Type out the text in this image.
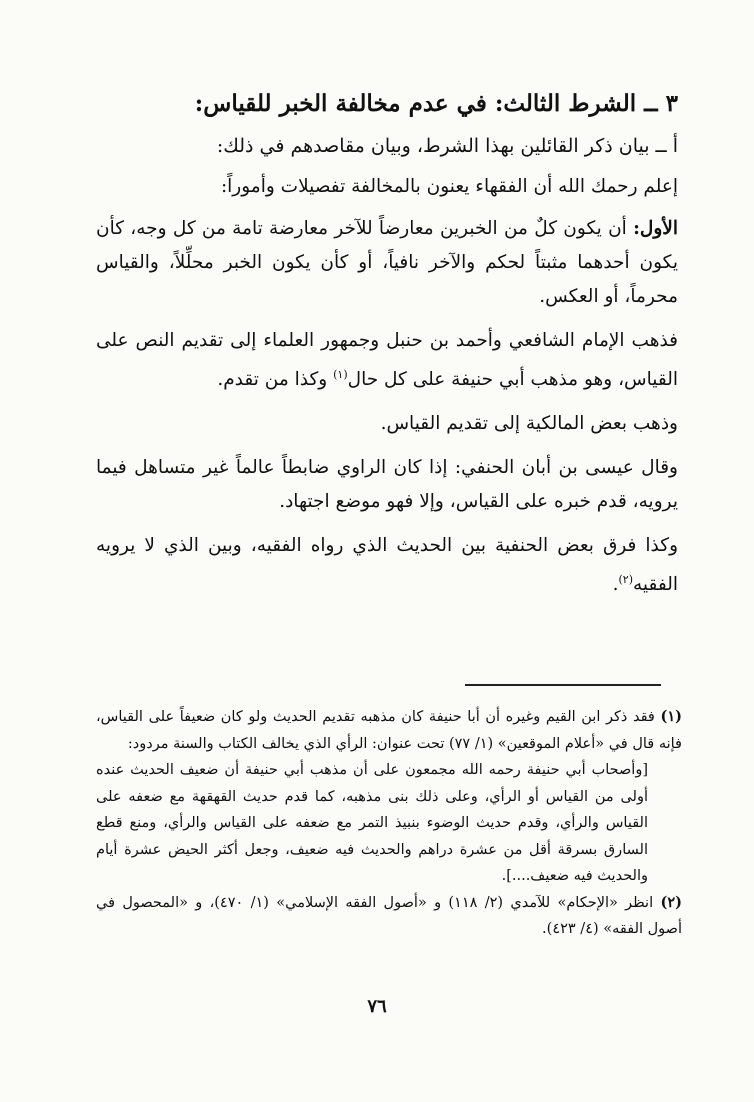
٣ ــ الشرط الثالث: في عدم مخالفة الخبر للقياس:

أ ــ بيان ذكر القائلين بهذا الشرط، وبيان مقاصدهم في ذلك:

إعلم رحمك الله أن الفقهاء يعنون بالمخالفة تفصيلات وأموراً:

الأول: أن يكون كلٌ من الخبرين معارضاً للآخر معارضة تامة من كل وجه، كأن يكون أحدهما مثبتاً لحكم والآخر نافياً، أو كأن يكون الخبر محلِّلاً، والقياس محرماً، أو العكس.

فذهب الإمام الشافعي وأحمد بن حنبل وجمهور العلماء إلى تقديم النص على القياس، وهو مذهب أبي حنيفة على كل حال$^{(١)}$ وكذا من تقدم.

وذهب بعض المالكية إلى تقديم القياس.

وقال عيسى بن أبان الحنفي: إذا كان الراوي ضابطاً عالماً غير متساهل فيما يرويه، قدم خبره على القياس، وإلا فهو موضع اجتهاد.

وكذا فرق بعض الحنفية بين الحديث الذي رواه الفقيه، وبين الذي لا يرويه الفقيه$^{(٢)}$.

(١) فقد ذكر ابن القيم وغيره أن أبا حنيفة كان مذهبه تقديم الحديث ولو كان ضعيفاً على القياس، فإنه قال في «أعلام الموقعين» (١/ ٧٧) تحت عنوان: الرأي الذي يخالف الكتاب والسنة مردود:

[وأصحاب أبي حنيفة رحمه الله مجمعون على أن مذهب أبي حنيفة أن ضعيف الحديث عنده أولى من القياس أو الرأي، وعلى ذلك بنى مذهبه، كما قدم حديث القهقهة مع ضعفه على القياس والرأي، وقدم حديث الوضوء بنبيذ التمر مع ضعفه على القياس والرأي، ومنع قطع السارق بسرقة أقل من عشرة دراهم والحديث فيه ضعيف، وجعل أكثر الحيض عشرة أيام والحديث فيه ضعيف....].

(٢) انظر «الإحكام» للآمدي (٢/ ١١٨) و «أصول الفقه الإسلامي» (١/ ٤٧٠)، و «المحصول في أصول الفقه» (٤/ ٤٢٣).

٧٦
